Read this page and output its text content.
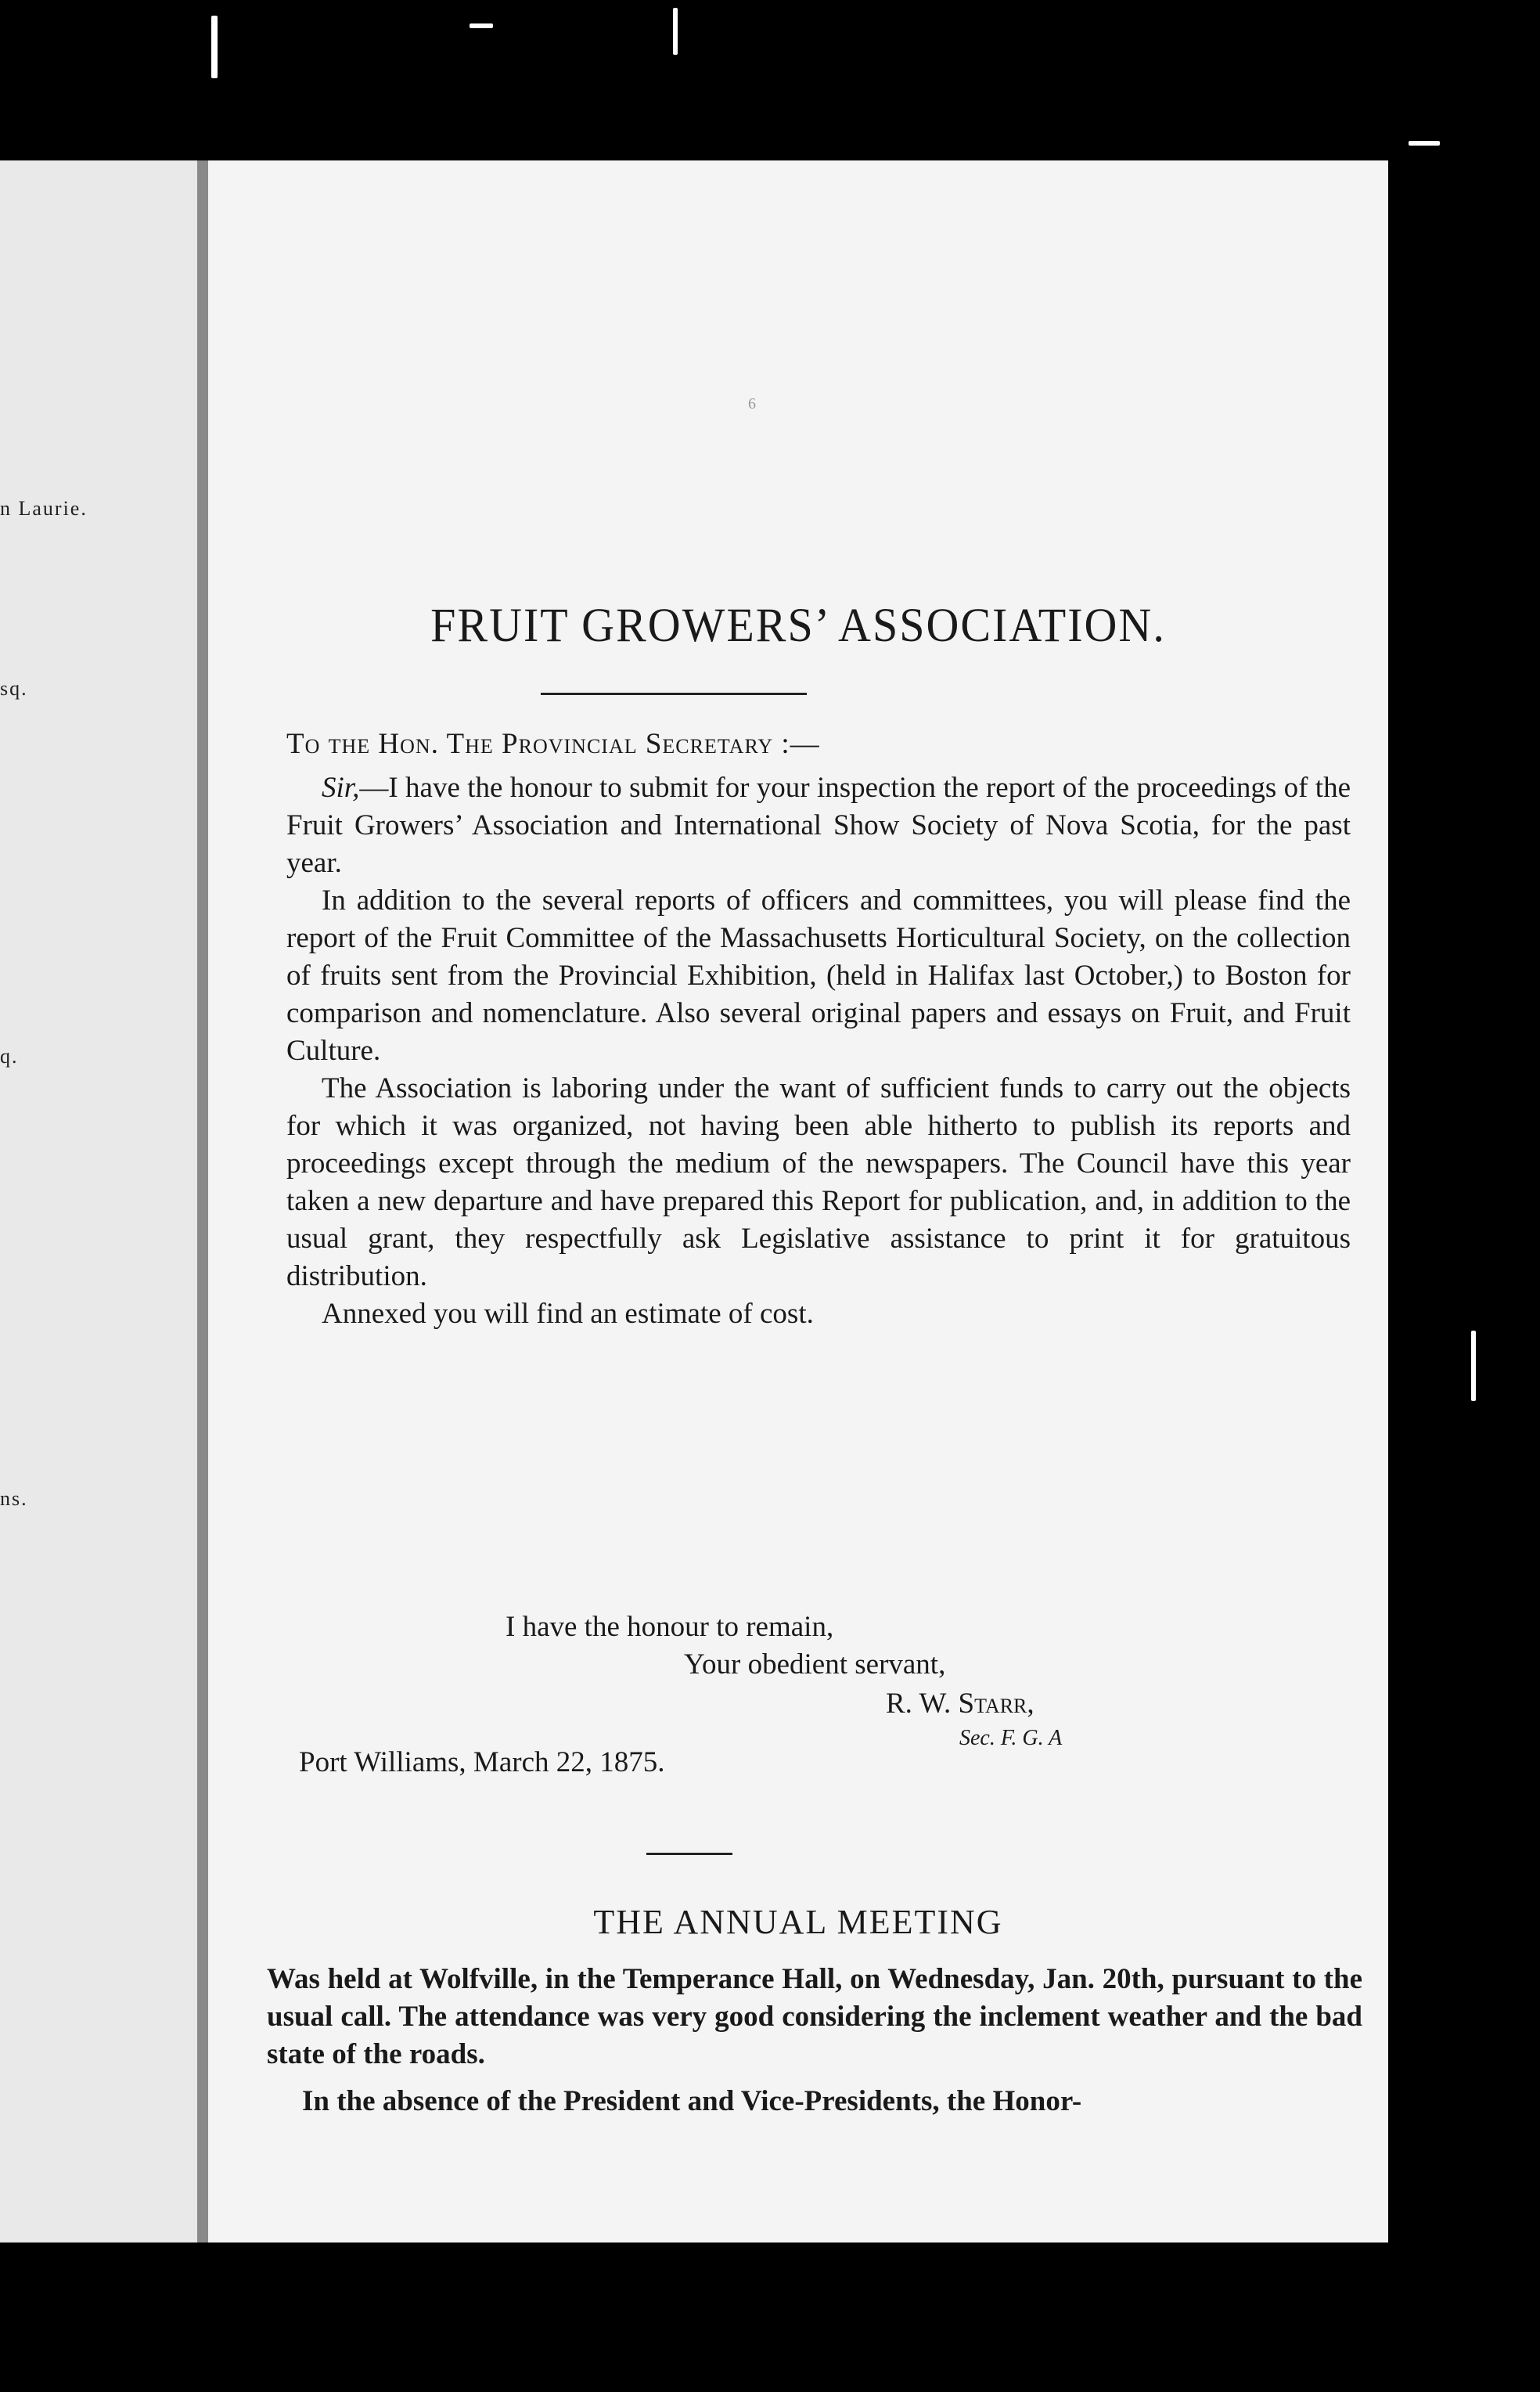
n Laurie.
sq.
q.
ns.
6
FRUIT GROWERS’ ASSOCIATION.
To the Hon. The Provincial Secretary :—

Sir,—I have the honour to submit for your inspection the report of the proceedings of the Fruit Growers’ Association and International Show Society of Nova Scotia, for the past year.

In addition to the several reports of officers and committees, you will please find the report of the Fruit Committee of the Massachusetts Horticultural Society, on the collection of fruits sent from the Provincial Exhibition, (held in Halifax last October,) to Boston for comparison and nomenclature. Also several original papers and essays on Fruit, and Fruit Culture.

The Association is laboring under the want of sufficient funds to carry out the objects for which it was organized, not having been able hitherto to publish its reports and proceedings except through the medium of the newspapers. The Council have this year taken a new departure and have prepared this Report for publication, and, in addition to the usual grant, they respectfully ask Legislative assistance to print it for gratuitous distribution.

Annexed you will find an estimate of cost.

I have the honour to remain,
Your obedient servant,
R. W. Starr,
Sec. F. G. A
Port Williams, March 22, 1875.
THE ANNUAL MEETING

Was held at Wolfville, in the Temperance Hall, on Wednesday, Jan. 20th, pursuant to the usual call. The attendance was very good considering the inclement weather and the bad state of the roads.

In the absence of the President and Vice-Presidents, the Honor-
